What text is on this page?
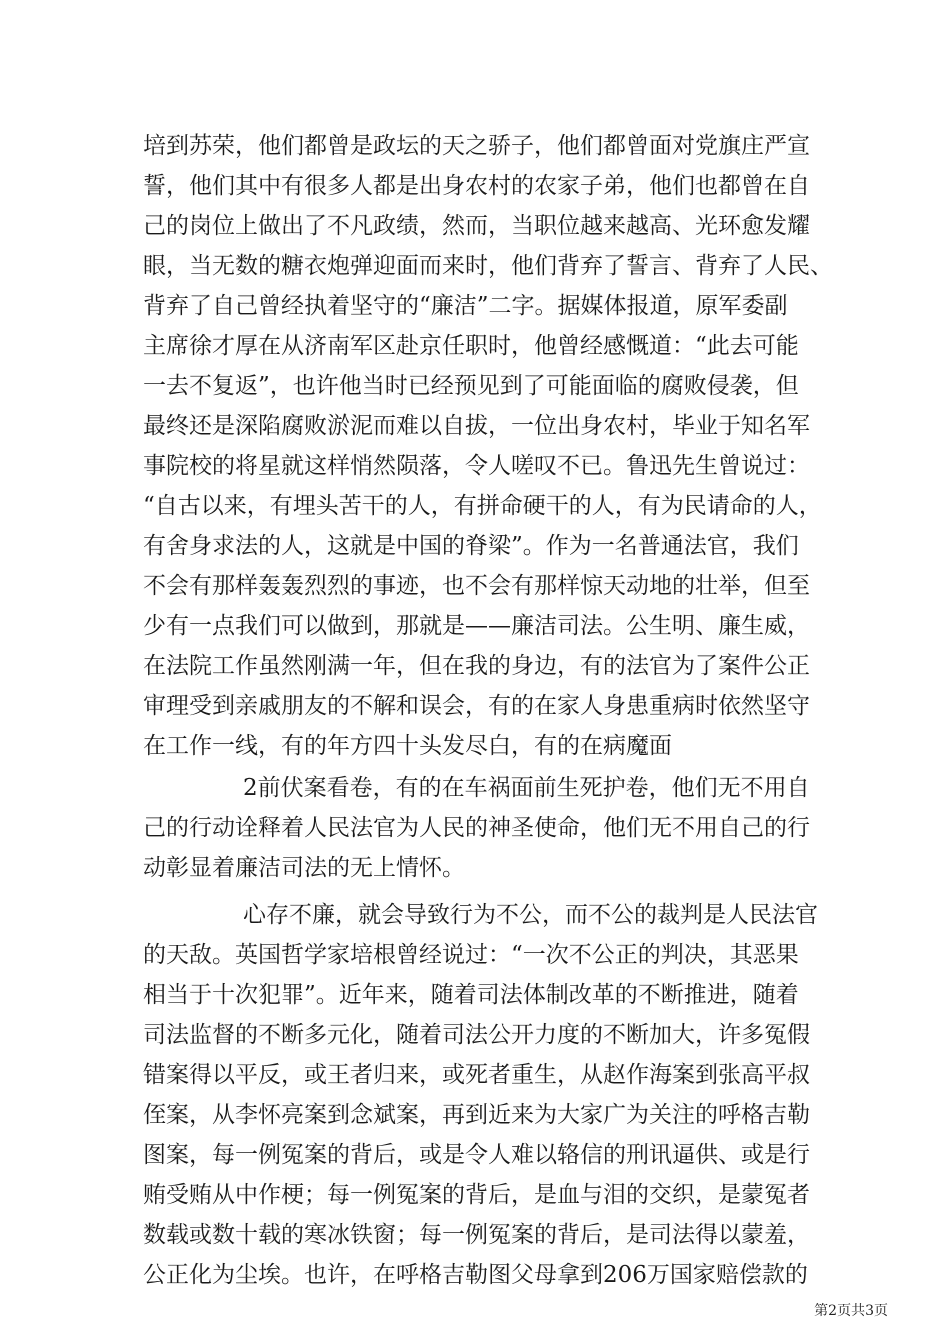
培到苏荣，他们都曾是政坛的天之骄子，他们都曾面对党旗庄严宣
誓，他们其中有很多人都是出身农村的农家子弟，他们也都曾在自
己的岗位上做出了不凡政绩，然而，当职位越来越高、光环愈发耀
眼，当无数的糖衣炮弹迎面而来时，他们背弃了誓言、背弃了人民、
背弃了自己曾经执着坚守的“廉洁”二字。据媒体报道，原军委副
主席徐才厚在从济南军区赴京任职时，他曾经感慨道：“此去可能
一去不复返”，也许他当时已经预见到了可能面临的腐败侵袭，但
最终还是深陷腐败淤泥而难以自拔，一位出身农村，毕业于知名军
事院校的将星就这样悄然陨落，令人嗟叹不已。鲁迅先生曾说过：
“自古以来，有埋头苦干的人，有拼命硬干的人，有为民请命的人，
有舍身求法的人，这就是中国的脊梁”。作为一名普通法官，我们
不会有那样轰轰烈烈的事迹，也不会有那样惊天动地的壮举，但至
少有一点我们可以做到，那就是——廉洁司法。公生明、廉生威，
在法院工作虽然刚满一年，但在我的身边，有的法官为了案件公正
审理受到亲戚朋友的不解和误会，有的在家人身患重病时依然坚守
在工作一线，有的年方四十头发尽白，有的在病魔面
2前伏案看卷，有的在车祸面前生死护卷，他们无不用自
己的行动诠释着人民法官为人民的神圣使命，他们无不用自己的行
动彰显着廉洁司法的无上情怀。
心存不廉，就会导致行为不公，而不公的裁判是人民法官
的天敌。英国哲学家培根曾经说过：“一次不公正的判决，其恶果
相当于十次犯罪”。近年来，随着司法体制改革的不断推进，随着
司法监督的不断多元化，随着司法公开力度的不断加大，许多冤假
错案得以平反，或王者归来，或死者重生，从赵作海案到张高平叔
侄案，从李怀亮案到念斌案，再到近来为大家广为关注的呼格吉勒
图案，每一例冤案的背后，或是令人难以辂信的刑讯逼供、或是行
贿受贿从中作梗；每一例冤案的背后，是血与泪的交织，是蒙冤者
数载或数十载的寒冰铁窗；每一例冤案的背后，是司法得以蒙羞，
公正化为尘埃。也许，在呼格吉勒图父母拿到206万国家赔偿款的
第2页共3页
